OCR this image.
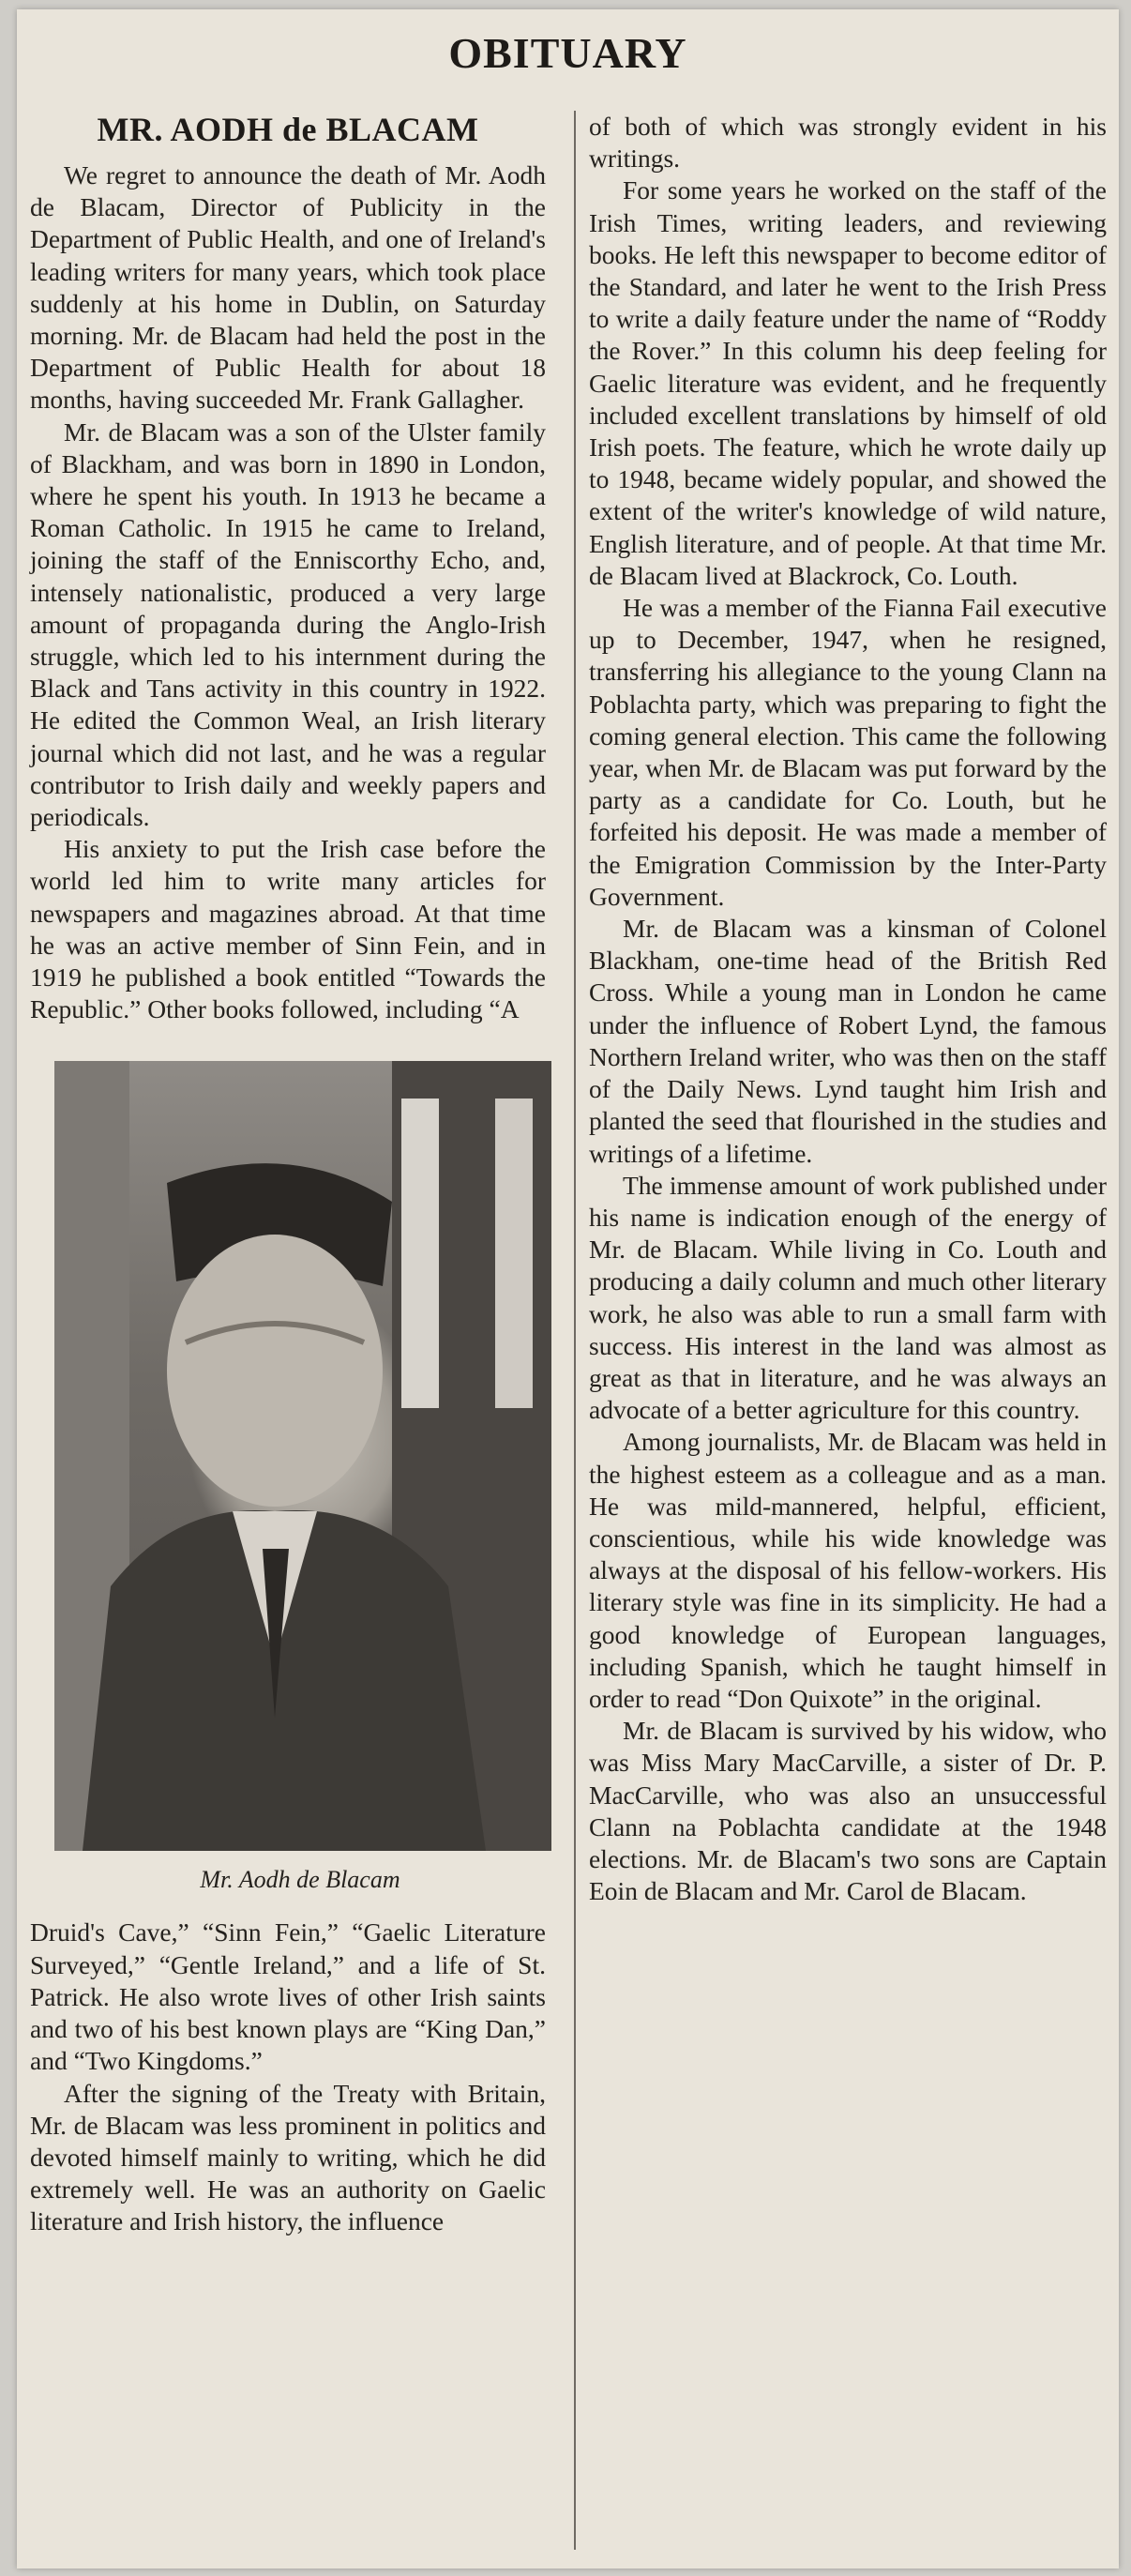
OBITUARY
MR. AODH de BLACAM

We regret to announce the death of Mr. Aodh de Blacam, Director of Publicity in the Department of Public Health, and one of Ireland's leading writers for many years, which took place suddenly at his home in Dublin, on Saturday morning. Mr. de Blacam had held the post in the Department of Public Health for about 18 months, having succeeded Mr. Frank Gallagher.

Mr. de Blacam was a son of the Ulster family of Blackham, and was born in 1890 in London, where he spent his youth. In 1913 he became a Roman Catholic. In 1915 he came to Ireland, joining the staff of the Enniscorthy Echo, and, intensely nationalistic, produced a very large amount of propaganda during the Anglo-Irish struggle, which led to his internment during the Black and Tans activity in this country in 1922. He edited the Common Weal, an Irish literary journal which did not last, and he was a regular contributor to Irish daily and weekly papers and periodicals.

His anxiety to put the Irish case before the world led him to write many articles for newspapers and magazines abroad. At that time he was an active member of Sinn Fein, and in 1919 he published a book entitled “Towards the Republic.” Other books followed, including “A

Mr. Aodh de Blacam

Druid's Cave,” “Sinn Fein,” “Gaelic Literature Surveyed,” “Gentle Ireland,” and a life of St. Patrick. He also wrote lives of other Irish saints and two of his best known plays are “King Dan,” and “Two Kingdoms.”

After the signing of the Treaty with Britain, Mr. de Blacam was less prominent in politics and devoted himself mainly to writing, which he did extremely well. He was an authority on Gaelic literature and Irish history, the influence

of both of which was strongly evident in his writings.

For some years he worked on the staff of the Irish Times, writing leaders, and reviewing books. He left this newspaper to become editor of the Standard, and later he went to the Irish Press to write a daily feature under the name of “Roddy the Rover.” In this column his deep feeling for Gaelic literature was evident, and he frequently included excellent translations by himself of old Irish poets. The feature, which he wrote daily up to 1948, became widely popular, and showed the extent of the writer's knowledge of wild nature, English literature, and of people. At that time Mr. de Blacam lived at Blackrock, Co. Louth.

He was a member of the Fianna Fail executive up to December, 1947, when he resigned, transferring his allegiance to the young Clann na Poblachta party, which was preparing to fight the coming general election. This came the following year, when Mr. de Blacam was put forward by the party as a candidate for Co. Louth, but he forfeited his deposit. He was made a member of the Emigration Commission by the Inter-Party Government.

Mr. de Blacam was a kinsman of Colonel Blackham, one-time head of the British Red Cross. While a young man in London he came under the influence of Robert Lynd, the famous Northern Ireland writer, who was then on the staff of the Daily News. Lynd taught him Irish and planted the seed that flourished in the studies and writings of a lifetime.

The immense amount of work published under his name is indication enough of the energy of Mr. de Blacam. While living in Co. Louth and producing a daily column and much other literary work, he also was able to run a small farm with success. His interest in the land was almost as great as that in literature, and he was always an advocate of a better agriculture for this country.

Among journalists, Mr. de Blacam was held in the highest esteem as a colleague and as a man. He was mild-mannered, helpful, efficient, conscientious, while his wide knowledge was always at the disposal of his fellow-workers. His literary style was fine in its simplicity. He had a good knowledge of European languages, including Spanish, which he taught himself in order to read “Don Quixote” in the original.

Mr. de Blacam is survived by his widow, who was Miss Mary MacCarville, a sister of Dr. P. MacCarville, who was also an unsuccessful Clann na Poblachta candidate at the 1948 elections. Mr. de Blacam's two sons are Captain Eoin de Blacam and Mr. Carol de Blacam.
